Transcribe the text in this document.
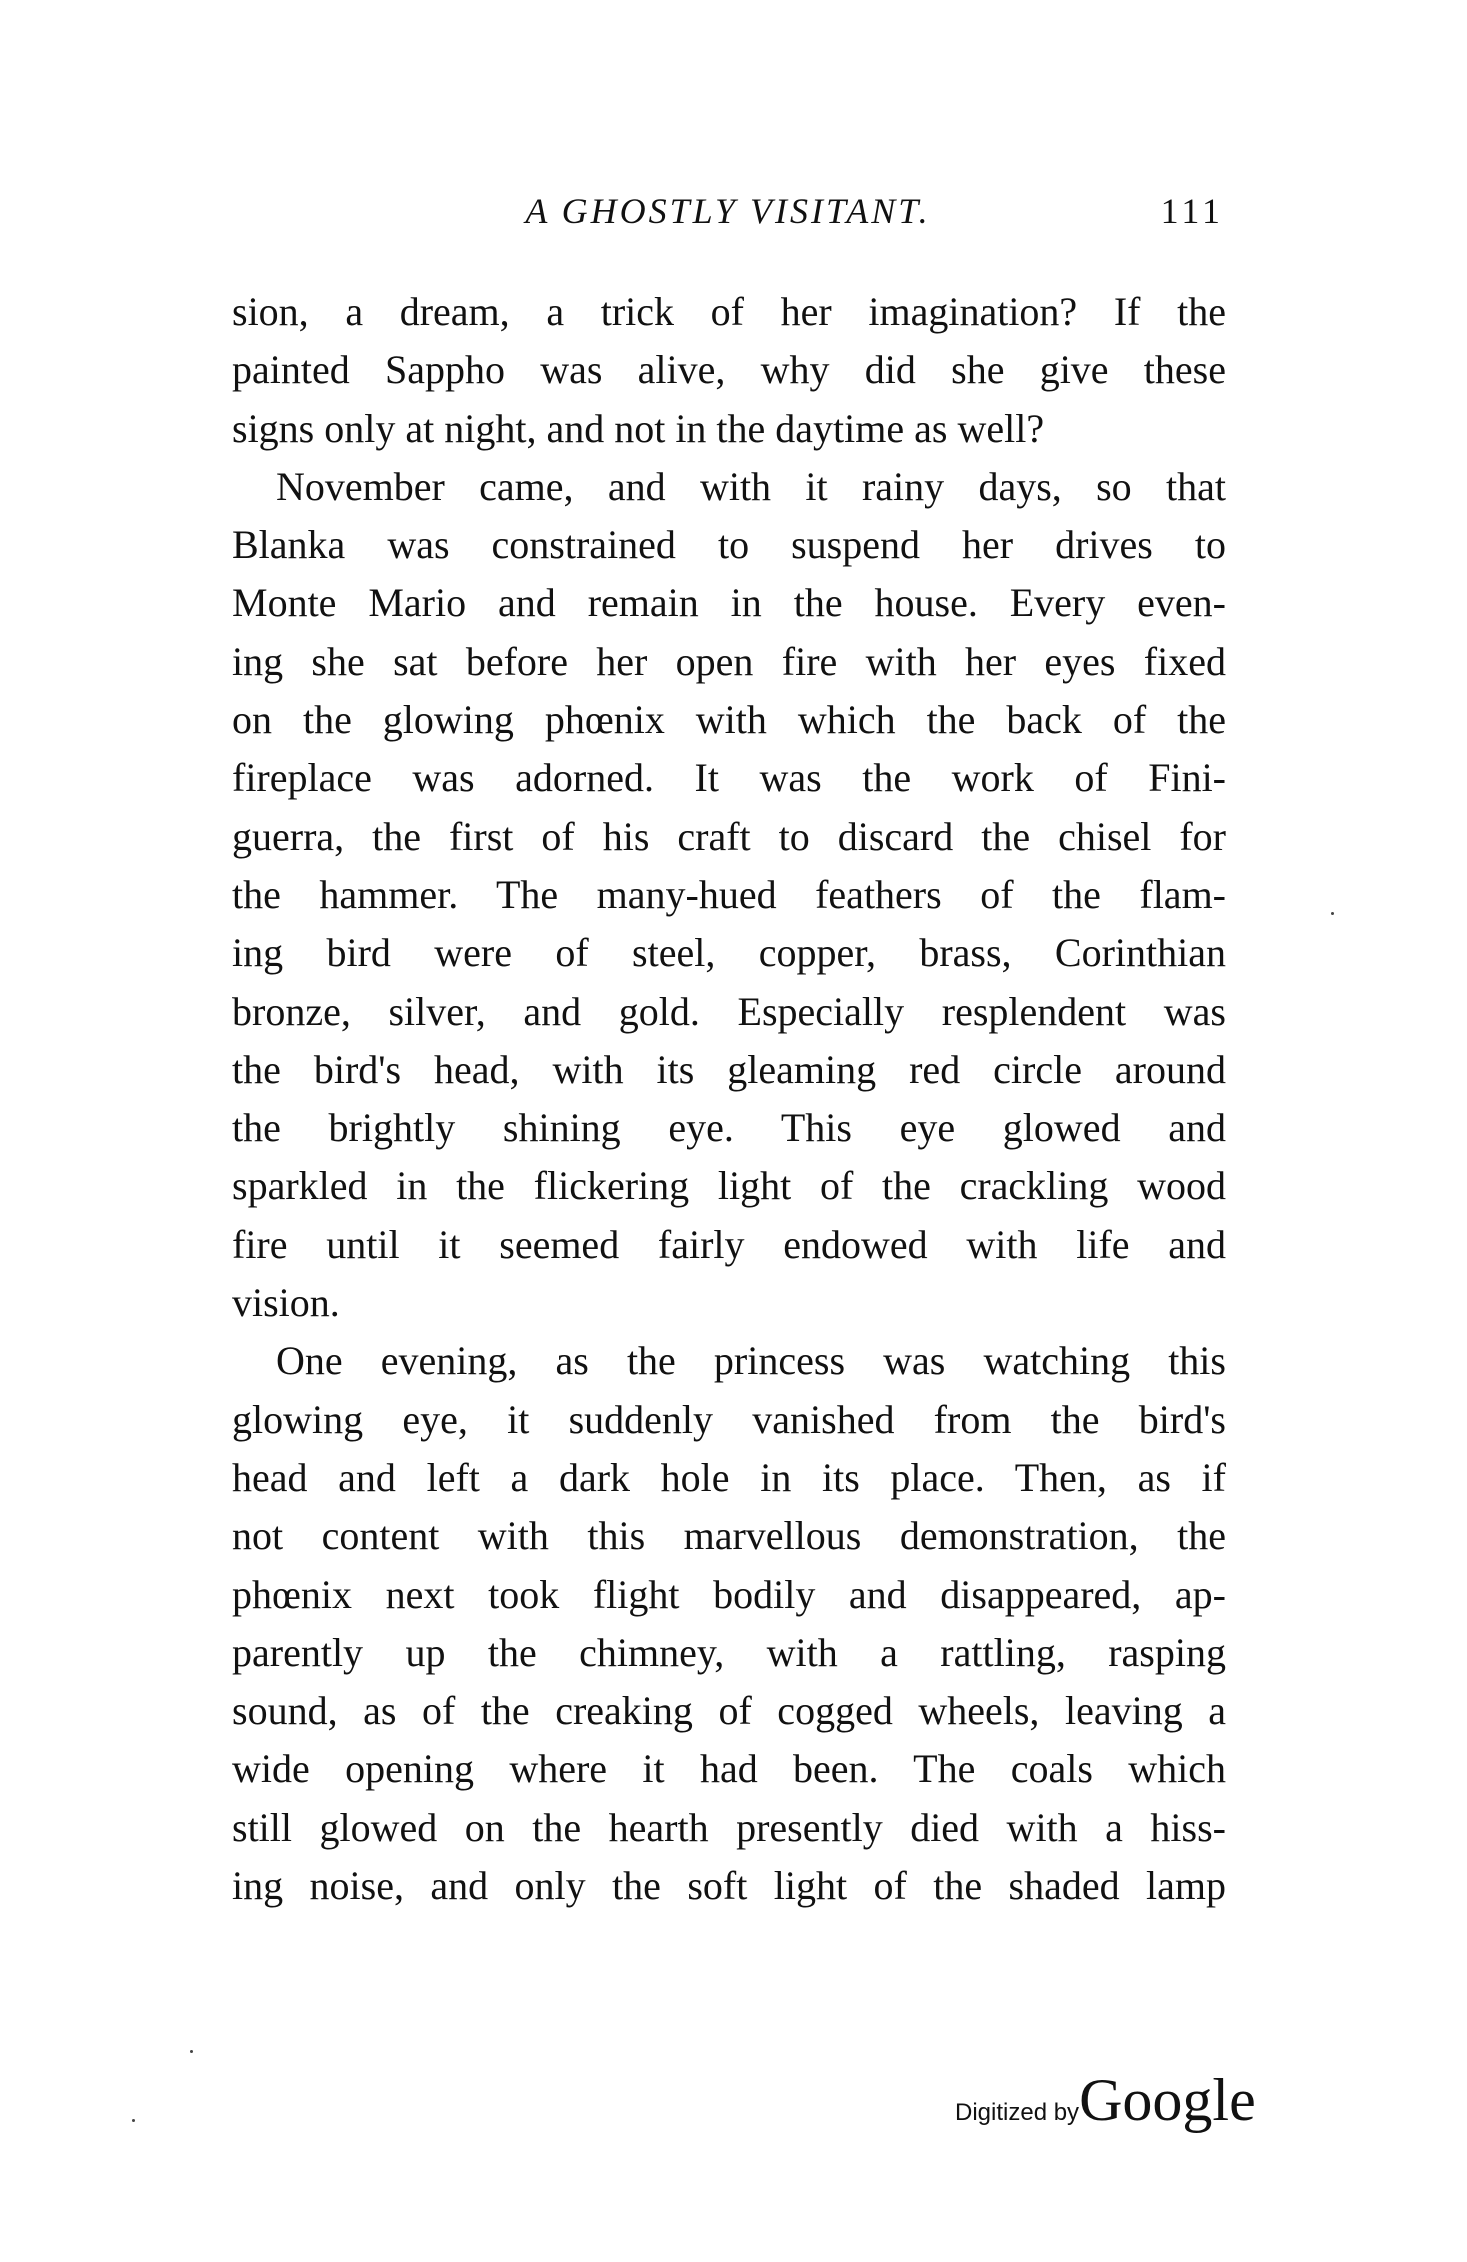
A GHOSTLY VISITANT.	111
sion, a dream, a trick of her imagination? If the
painted Sappho was alive, why did she give these
signs only at night, and not in the daytime as well?
November came, and with it rainy days, so that
Blanka was constrained to suspend her drives to
Monte Mario and remain in the house. Every even-
ing she sat before her open fire with her eyes fixed
on the glowing phœnix with which the back of the
fireplace was adorned. It was the work of Fini-
guerra, the first of his craft to discard the chisel for
the hammer. The many-hued feathers of the flam-
ing bird were of steel, copper, brass, Corinthian
bronze, silver, and gold. Especially resplendent was
the bird's head, with its gleaming red circle around
the brightly shining eye. This eye glowed and
sparkled in the flickering light of the crackling wood
fire until it seemed fairly endowed with life and
vision.
One evening, as the princess was watching this
glowing eye, it suddenly vanished from the bird's
head and left a dark hole in its place. Then, as if
not content with this marvellous demonstration, the
phœnix next took flight bodily and disappeared, ap-
parently up the chimney, with a rattling, rasping
sound, as of the creaking of cogged wheels, leaving a
wide opening where it had been. The coals which
still glowed on the hearth presently died with a hiss-
ing noise, and only the soft light of the shaded lamp
Digitized byGoogle
